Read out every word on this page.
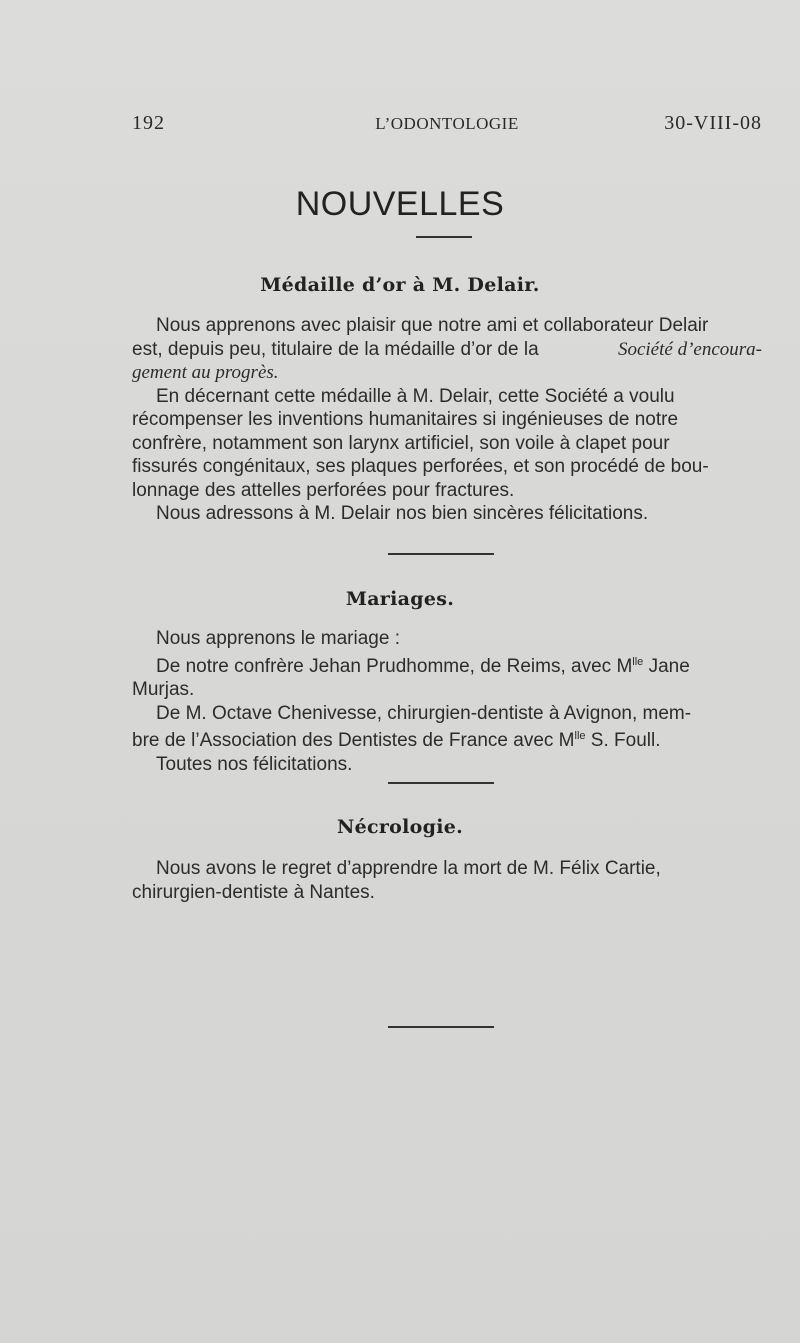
192	L’ODONTOLOGIE	30-VIII-08
NOUVELLES
Médaille d’or à M. Delair.
Nous apprenons avec plaisir que notre ami et collaborateur Delair
est, depuis peu, titulaire de la médaille d’or de la	Société d’encoura-
gement au progrès.
En décernant cette médaille à M. Delair, cette Société a voulu
récompenser les inventions humanitaires si ingénieuses de notre
confrère, notamment son larynx artificiel, son voile à clapet pour
fissurés congénitaux, ses plaques perforées, et son procédé de bou-
lonnage des attelles perforées pour fractures.
Nous adressons à M. Delair nos bien sincères félicitations.
Mariages.
Nous apprenons le mariage :
De notre confrère Jehan Prudhomme, de Reims, avec $M^{lle}$ Jane
Murjas.
De M. Octave Chenivesse, chirurgien-dentiste à Avignon, mem-
bre de l’Association des Dentistes de France avec $M^{lle}$ S. Foull.
Toutes nos félicitations.
Nécrologie.
Nous avons le regret d’apprendre la mort de M. Félix Cartie,
chirurgien-dentiste à Nantes.
